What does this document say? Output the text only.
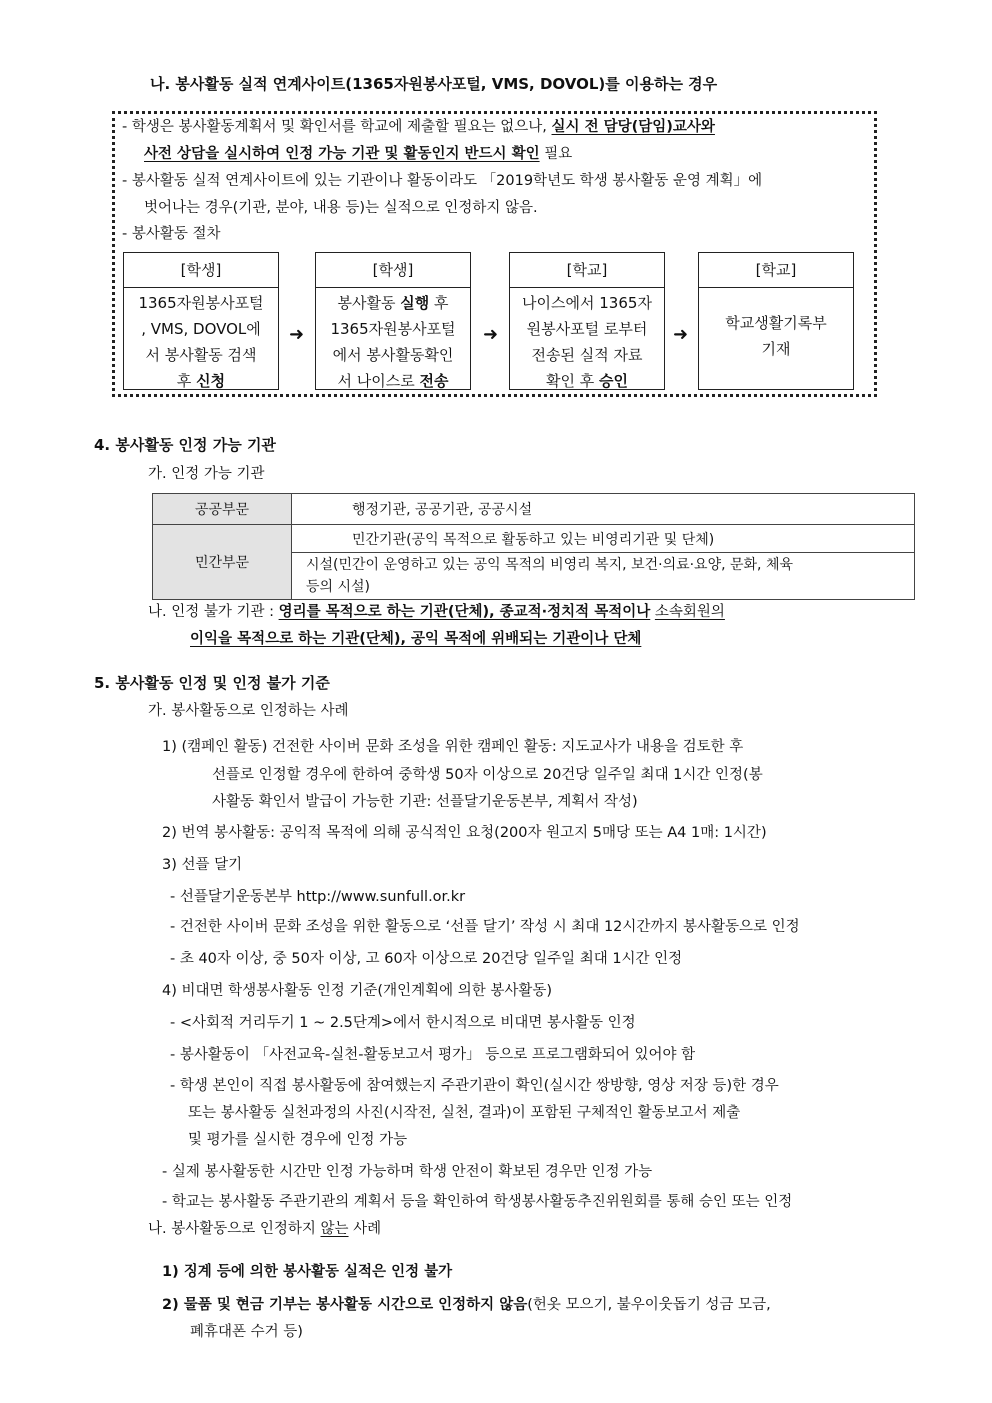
나. 봉사활동 실적 연계사이트(1365자원봉사포털, VMS, DOVOL)를 이용하는 경우
- 학생은 봉사활동계획서 및 확인서를 학교에 제출할 필요는 없으나, 실시 전 담당(담임)교사와
사전 상담을 실시하여 인정 가능 기관 및 활동인지 반드시 확인 필요
- 봉사활동 실적 연계사이트에 있는 기관이나 활동이라도 「2019학년도 학생 봉사활동 운영 계획」에
벗어나는 경우(기관, 분야, 내용 등)는 실적으로 인정하지 않음.
- 봉사활동 절차
[학생]
1365자원봉사포털
, VMS, DOVOL에
서 봉사활동 검색
후 신청
➜
[학생]
봉사활동 실행 후
1365자원봉사포털
에서 봉사활동확인
서 나이스로 전송
➜
[학교]
나이스에서 1365자
원봉사포털 로부터
전송된 실적 자료
확인 후 승인
➜
[학교]
학교생활기록부
기재
4. 봉사활동 인정 가능 기관
가. 인정 가능 기관
공공부문	행정기관, 공공기관, 공공시설
민간부문	민간기관(공익 목적으로 활동하고 있는 비영리기관 및 단체)

	시설(민간이 운영하고 있는 공익 목적의 비영리 복지, 보건·의료·요양, 문화, 체육
등의 시설)
나. 인정 불가 기관 : 영리를 목적으로 하는 기관(단체), 종교적·정치적 목적이나 소속회원의
이익을 목적으로 하는 기관(단체), 공익 목적에 위배되는 기관이나 단체
5. 봉사활동 인정 및 인정 불가 기준
가. 봉사활동으로 인정하는 사례
1) (캠페인 활동) 건전한 사이버 문화 조성을 위한 캠페인 활동: 지도교사가 내용을 검토한 후
선플로 인정할 경우에 한하여 중학생 50자 이상으로 20건당 일주일 최대 1시간 인정(봉
사활동 확인서 발급이 가능한 기관: 선플달기운동본부, 계획서 작성)
2) 번역 봉사활동: 공익적 목적에 의해 공식적인 요청(200자 원고지 5매당 또는 A4 1매: 1시간)
3) 선플 달기
- 선플달기운동본부 http://www.sunfull.or.kr
- 건전한 사이버 문화 조성을 위한 활동으로 ‘선플 달기’ 작성 시 최대 12시간까지 봉사활동으로 인정
- 초 40자 이상, 중 50자 이상, 고 60자 이상으로 20건당 일주일 최대 1시간 인정
4) 비대면 학생봉사활동 인정 기준(개인계획에 의한 봉사활동)
- <사회적 거리두기 1 ~ 2.5단계>에서 한시적으로 비대면 봉사활동 인정
- 봉사활동이 「사전교육-실천-활동보고서 평가」 등으로 프로그램화되어 있어야 함
- 학생 본인이 직접 봉사활동에 참여했는지 주관기관이 확인(실시간 쌍방향, 영상 저장 등)한 경우
또는 봉사활동 실천과정의 사진(시작전, 실천, 결과)이 포함된 구체적인 활동보고서 제출
및 평가를 실시한 경우에 인정 가능
- 실제 봉사활동한 시간만 인정 가능하며 학생 안전이 확보된 경우만 인정 가능
- 학교는 봉사활동 주관기관의 계획서 등을 확인하여 학생봉사활동추진위원회를 통해 승인 또는 인정
나. 봉사활동으로 인정하지 않는 사례
1) 징계 등에 의한 봉사활동 실적은 인정 불가
2) 물품 및 현금 기부는 봉사활동 시간으로 인정하지 않음(헌옷 모으기, 불우이웃돕기 성금 모금,
폐휴대폰 수거 등)
